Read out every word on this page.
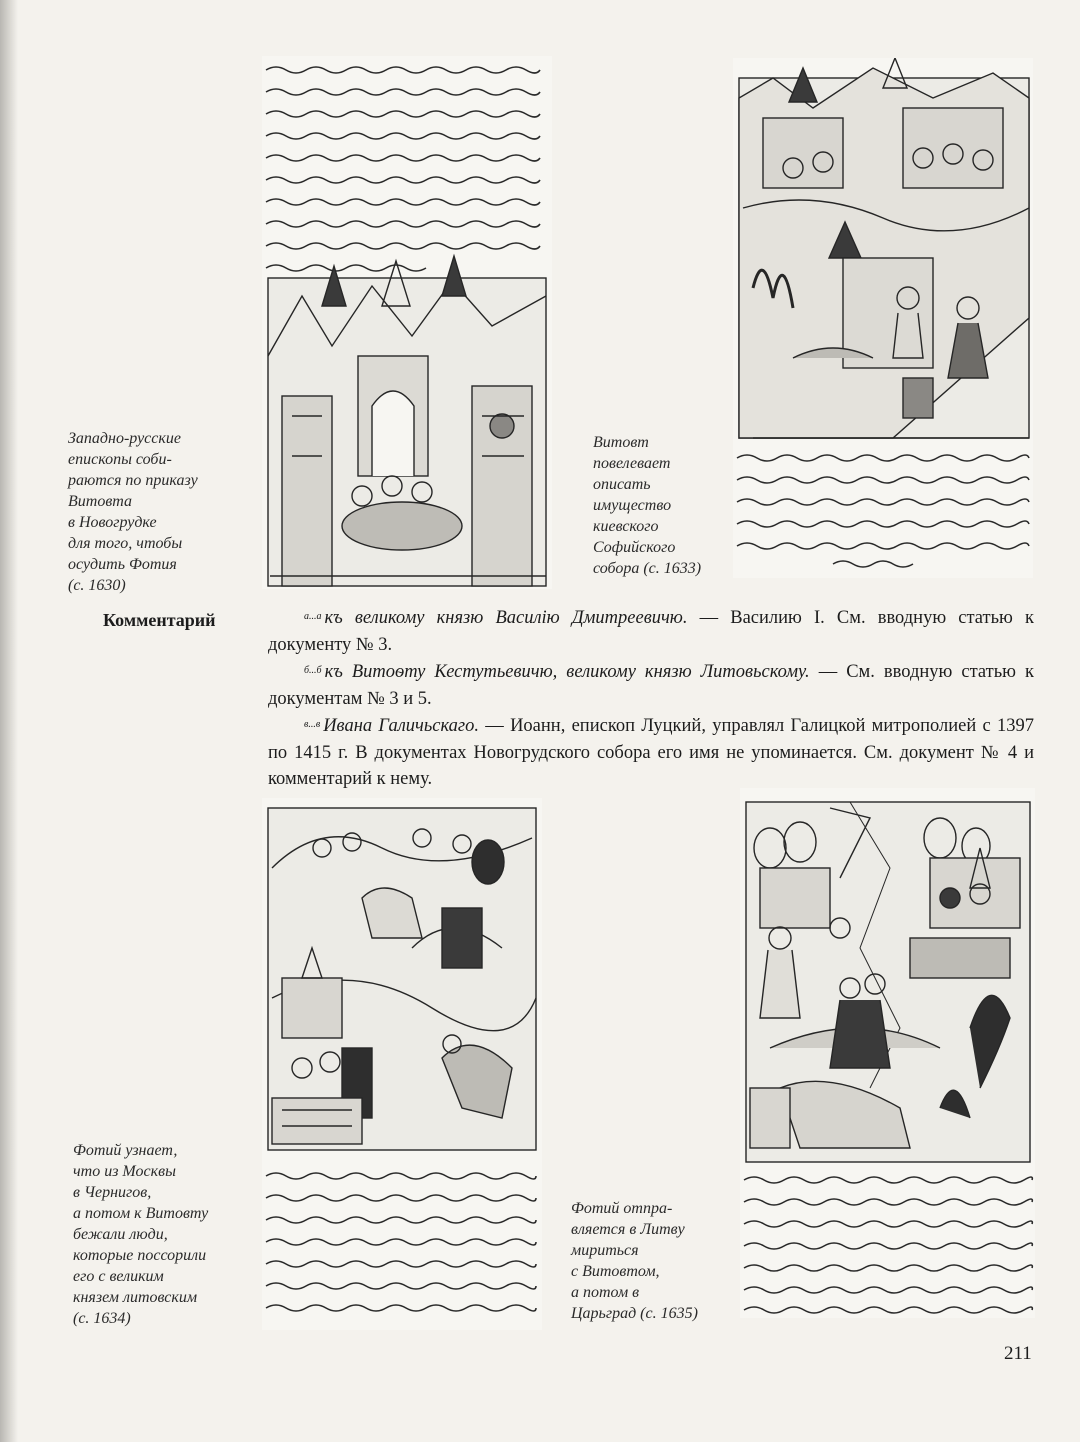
Западно-русские
епископы соби-
раются по приказу
Витовта
в Новогрудке
для того, чтобы
осудить Фотия
(с. 1630)
Витовт
повелевает
описать
имущество
киевского
Софийского
собора (с. 1633)
Комментарий	$^{а...а}$ къ великому князю Василію Дмитреевичю. — Василию I. См. вводную статью к документу № 3.

$^{б...б}$ къ Витоѳту Кестутьевичю, великому князю Литовьскому. — См. вводную статью к документам № 3 и 5.

$^{в...в}$ Ивана Галичьскаго. — Иоанн, епископ Луцкий, управлял Галицкой митрополией с 1397 по 1415 г. В документах Новогрудского собора его имя не упоминается. См. документ № 4 и комментарий к нему.

Фотий узнает,
что из Москвы
в Чернигов,
а потом к Витовту
бежали люди,
которые поссорили
его с великим
князем литовским
(с. 1634)
Фотий отпра-
вляется в Литву
мириться
с Витовтом,
а потом в
Царьград (с. 1635)
211
